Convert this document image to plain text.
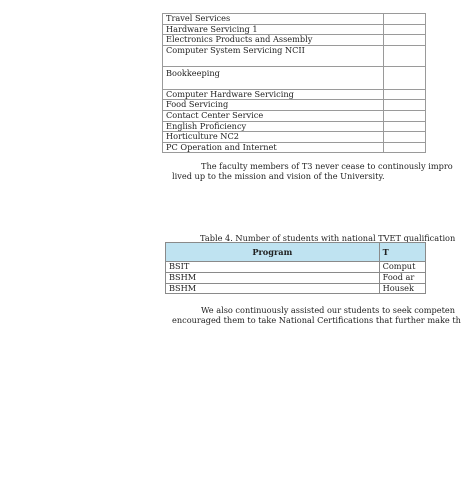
Travel Services	
Hardware Servicing 1	
Electronics Products and Assembly	
Computer System Servicing NCII	
Bookkeeping	
Computer Hardware Servicing	
Food Servicing	
Contact Center Service	
English Proficiency	
Horticulture NC2	
PC Operation and Internet	
The faculty members of T3 never cease to continously impro
lived up to the mission and vision of the University.
Table 4. Number of students with national TVET qualification
Program	T
BSIT	Comput
BSHM	Food ar
BSHM	Housek
We also continuously assisted our students to seek competen
encouraged them to take National Certifications that further make th
